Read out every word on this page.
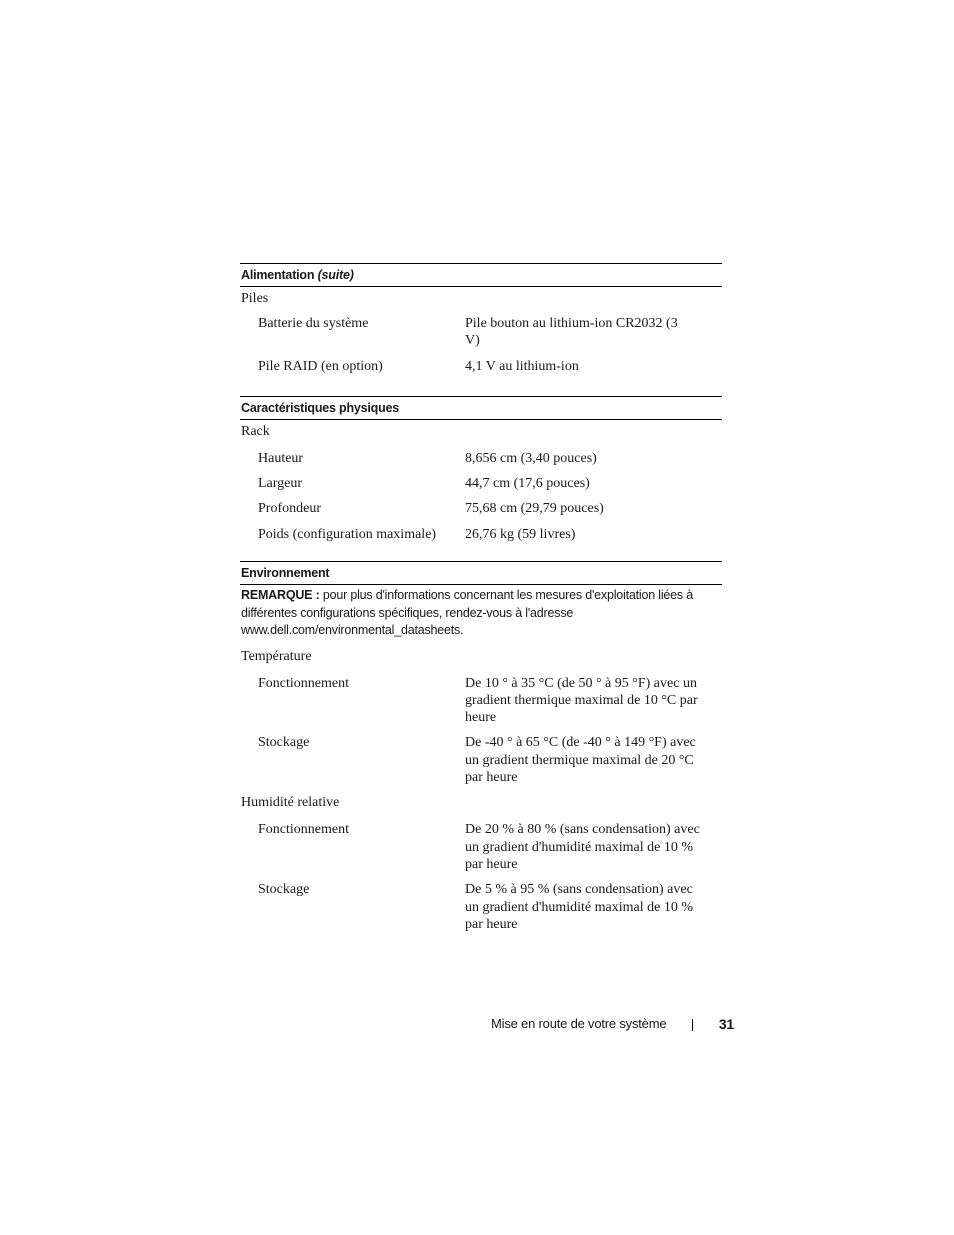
Alimentation (suite)
Piles
Batterie du système	Pile bouton au lithium-ion CR2032 (3 V)
Pile RAID (en option)	4,1 V au lithium-ion
Caractéristiques physiques
Rack
Hauteur	8,656 cm (3,40 pouces)
Largeur	44,7 cm (17,6 pouces)
Profondeur	75,68 cm (29,79 pouces)
Poids (configuration maximale)	26,76 kg (59 livres)
Environnement
REMARQUE : pour plus d'informations concernant les mesures d'exploitation liées à différentes configurations spécifiques, rendez-vous à l'adresse www.dell.com/environmental_datasheets.
Température
Fonctionnement	De 10 ° à 35 °C (de 50 ° à 95 °F) avec un gradient thermique maximal de 10 °C par heure
Stockage	De -40 ° à 65 °C (de -40 ° à 149 °F) avec un gradient thermique maximal de 20 °C par heure
Humidité relative
Fonctionnement	De 20 % à 80 % (sans condensation) avec un gradient d'humidité maximal de 10 % par heure
Stockage	De 5 % à 95 % (sans condensation) avec un gradient d'humidité maximal de 10 % par heure
Mise en route de votre système	31
